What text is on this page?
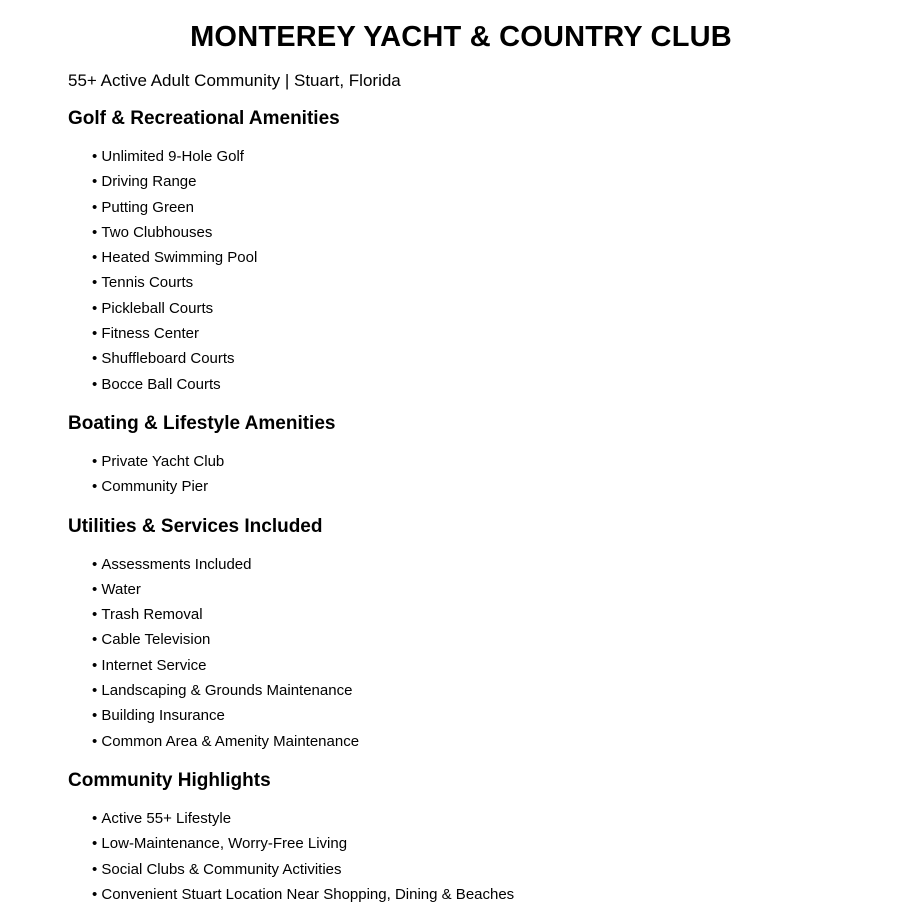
MONTEREY YACHT & COUNTRY CLUB

55+ Active Adult Community | Stuart, Florida

Golf & Recreational Amenities
• Unlimited 9-Hole Golf
• Driving Range
• Putting Green
• Two Clubhouses
• Heated Swimming Pool
• Tennis Courts
• Pickleball Courts
• Fitness Center
• Shuffleboard Courts
• Bocce Ball Courts
Boating & Lifestyle Amenities
• Private Yacht Club
• Community Pier
Utilities & Services Included
• Assessments Included
• Water
• Trash Removal
• Cable Television
• Internet Service
• Landscaping & Grounds Maintenance
• Building Insurance
• Common Area & Amenity Maintenance
Community Highlights
• Active 55+ Lifestyle
• Low-Maintenance, Worry-Free Living
• Social Clubs & Community Activities
• Convenient Stuart Location Near Shopping, Dining & Beaches
